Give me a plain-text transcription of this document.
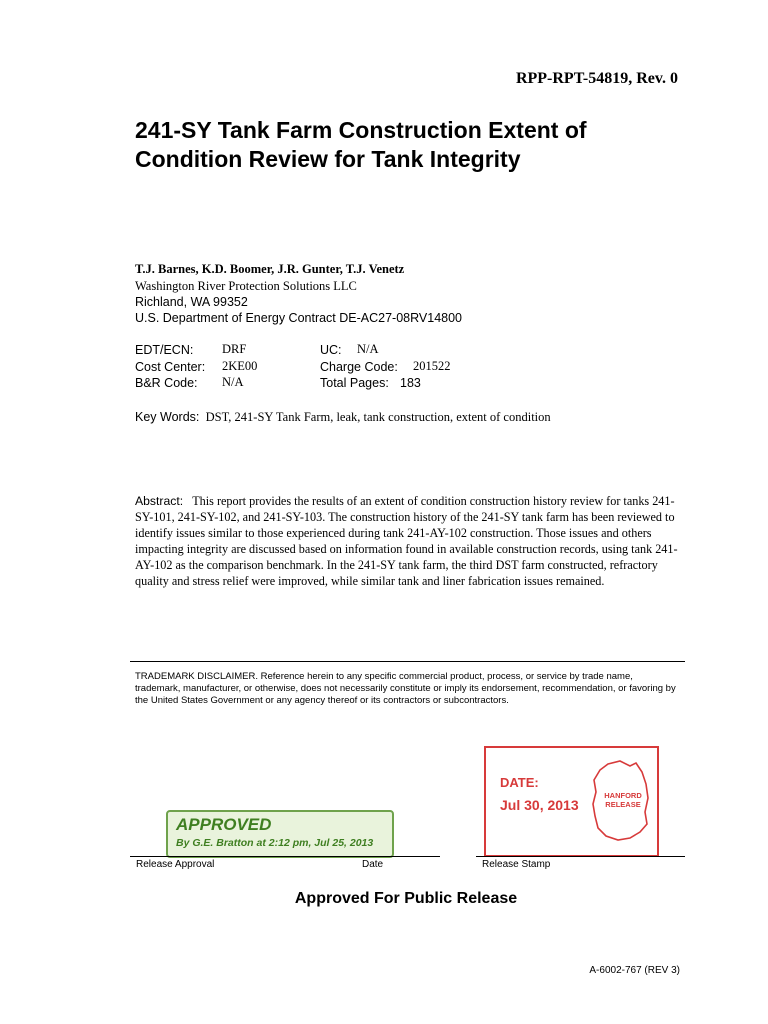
RPP-RPT-54819, Rev. 0
241-SY Tank Farm Construction Extent of
Condition Review for Tank Integrity
T.J. Barnes, K.D. Boomer, J.R. Gunter, T.J. Venetz
Washington River Protection Solutions LLC
Richland, WA 99352
U.S. Department of Energy Contract DE-AC27-08RV14800
EDT/ECN: DRF	UC: N/A
Cost Center: 2KE00	Charge Code: 201522
B&R Code: N/A	Total Pages: 183
Key Words: DST, 241-SY Tank Farm, leak, tank construction, extent of condition
Abstract: This report provides the results of an extent of condition construction history review for tanks 241-SY-101, 241-SY-102, and 241-SY-103. The construction history of the 241-SY tank farm has been reviewed to identify issues similar to those experienced during tank 241-AY-102 construction. Those issues and others impacting integrity are discussed based on information found in available construction records, using tank 241-AY-102 as the comparison benchmark. In the 241-SY tank farm, the third DST farm constructed, refractory quality and stress relief were improved, while similar tank and liner fabrication issues remained.
TRADEMARK DISCLAIMER. Reference herein to any specific commercial product, process, or service by trade name, trademark, manufacturer, or otherwise, does not necessarily constitute or imply its endorsement, recommendation, or favoring by the United States Government or any agency thereof or its contractors or subcontractors.
APPROVED
By G.E. Bratton at 2:12 pm, Jul 25, 2013
DATE:
Jul 30, 2013
HANFORD
RELEASE
Release Approval	Date	Release Stamp
Approved For Public Release
A-6002-767 (REV 3)
